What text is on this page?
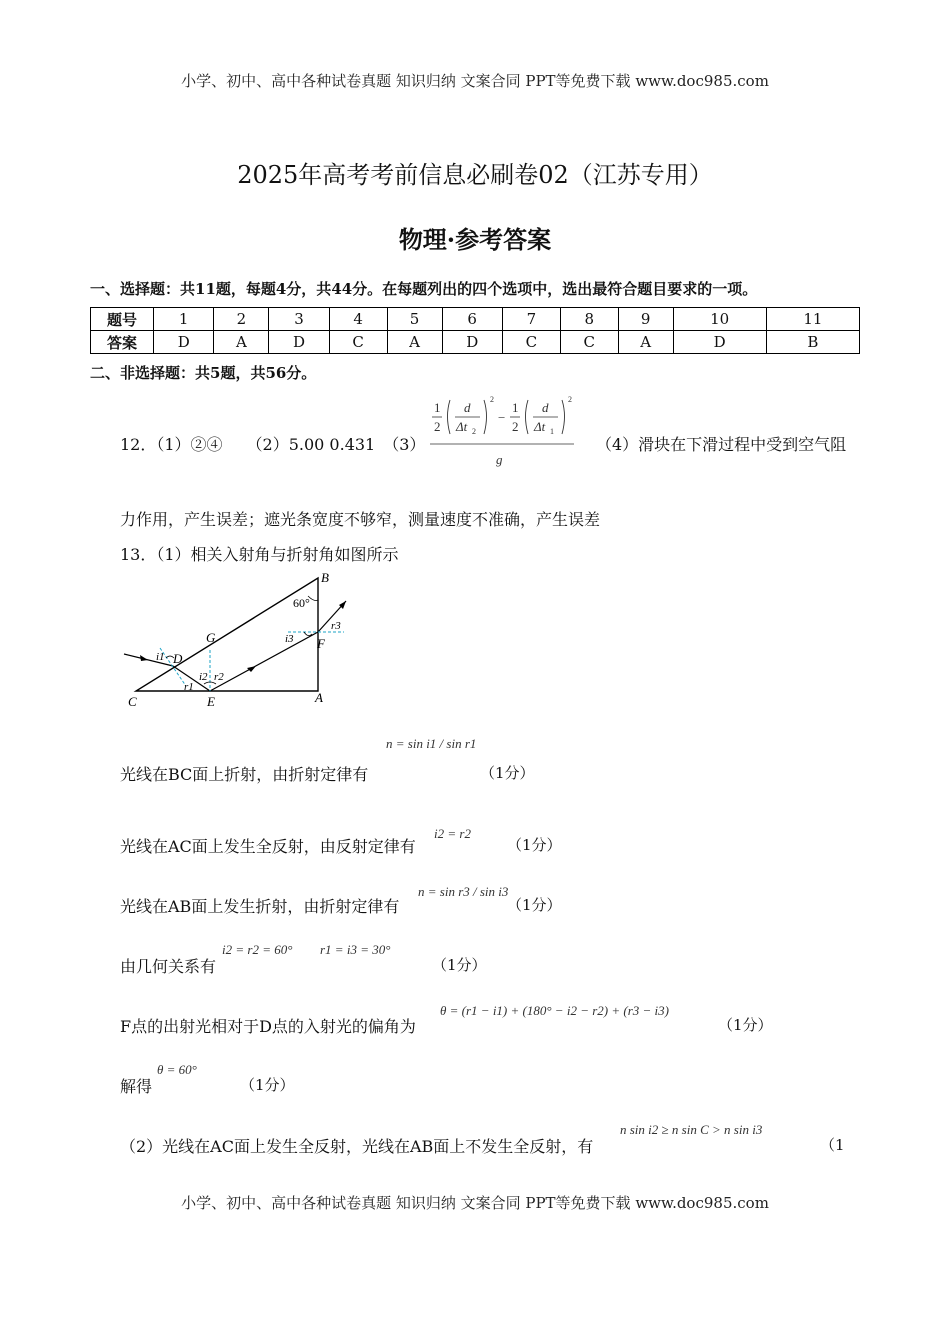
小学、初中、高中各种试卷真题 知识归纳 文案合同 PPT等免费下载 www.doc985.com
2025年高考考前信息必刷卷02（江苏专用）
物理·参考答案
一、选择题：共11题，每题4分，共44分。在每题列出的四个选项中，选出最符合题目要求的一项。
题号	1	2	3	4	5	6	7	8	9	10	11
答案	D	A	D	C	A	D	C	C	A	D	B
二、非选择题：共5题，共56分。
12．（1）②④　　（2）5.00 0.431　（3）
1
2
d
Δt 2
2
−
1
2
d
Δt 1
2
g
（4）滑块在下滑过程中受到空气阻
力作用，产生误差；遮光条宽度不够窄，测量速度不准确，产生误差
13．（1）相关入射角与折射角如图所示
B
A
C	E
D
F
G
i1
r1
i2 r2
i3
r3
60°
光线在BC面上折射，由折射定律有
n = sin i1 / sin r1
（1分）
光线在AC面上发生全反射，由反射定律有
i2 = r2
（1分）
光线在AB面上发生折射，由折射定律有
n = sin r3 / sin i3
（1分）
由几何关系有
i2 = r2 = 60° r1 = i3 = 30°
（1分）
F点的出射光相对于D点的入射光的偏角为
θ = (r1 − i1) + (180° − i2 − r2) + (r3 − i3)
（1分）
解得
θ = 60°
（1分）
（2）光线在AC面上发生全反射，光线在AB面上不发生全反射，有
n sin i2 ≥ n sin C > n sin i3
（1
小学、初中、高中各种试卷真题 知识归纳 文案合同 PPT等免费下载 www.doc985.com
